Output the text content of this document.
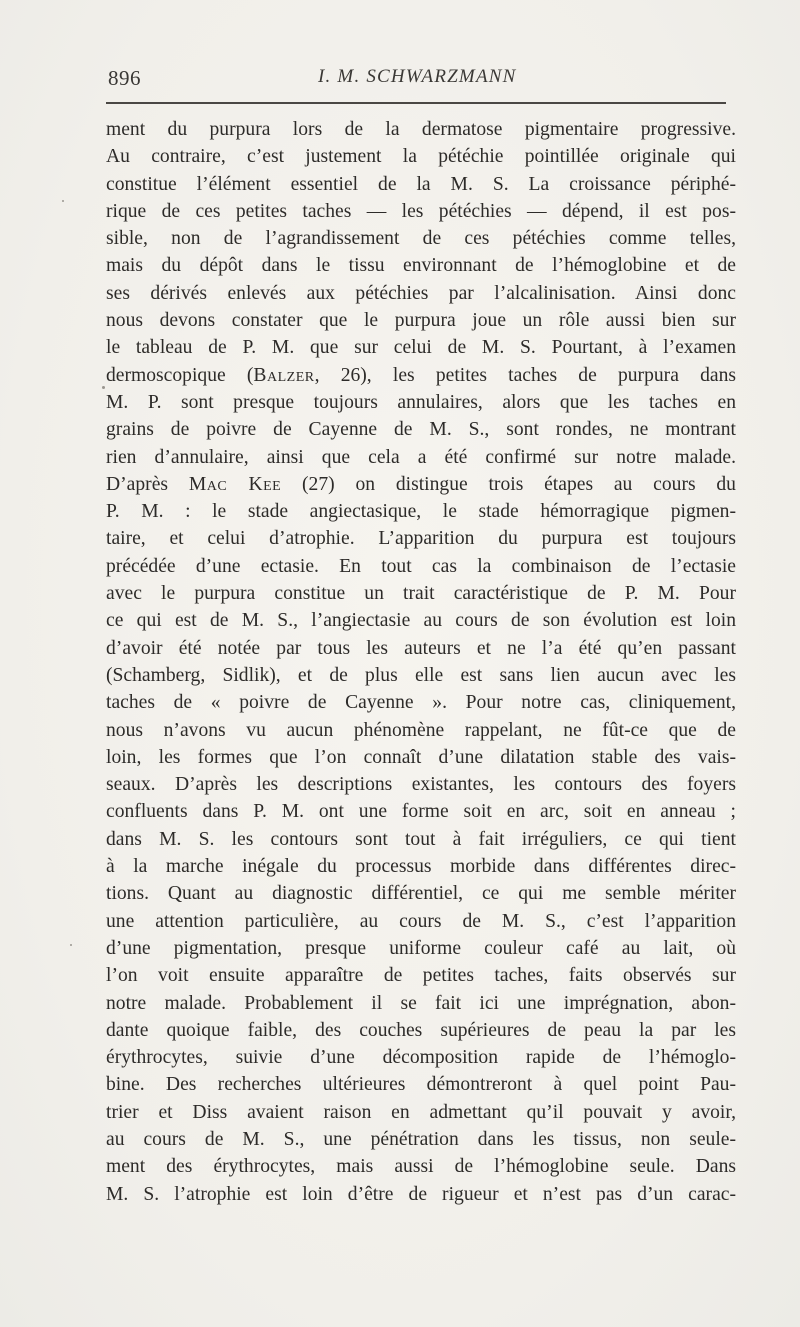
896	I. M. SCHWARZMANN
ment du purpura lors de la dermatose pigmentaire progressive.
Au contraire, c’est justement la pétéchie pointillée originale qui
constitue l’élément essentiel de la M. S. La croissance périphé-
rique de ces petites taches — les pétéchies — dépend, il est pos-
sible, non de l’agrandissement de ces pétéchies comme telles,
mais du dépôt dans le tissu environnant de l’hémoglobine et de
ses dérivés enlevés aux pétéchies par l’alcalinisation. Ainsi donc
nous devons constater que le purpura joue un rôle aussi bien sur
le tableau de P. M. que sur celui de M. S. Pourtant, à l’examen
dermoscopique (Balzer, 26), les petites taches de purpura dans
M. P. sont presque toujours annulaires, alors que les taches en
grains de poivre de Cayenne de M. S., sont rondes, ne montrant
rien d’annulaire, ainsi que cela a été confirmé sur notre malade.
D’après Mac Kee (27) on distingue trois étapes au cours du
P. M. : le stade angiectasique, le stade hémorragique pigmen-
taire, et celui d’atrophie. L’apparition du purpura est toujours
précédée d’une ectasie. En tout cas la combinaison de l’ectasie
avec le purpura constitue un trait caractéristique de P. M. Pour
ce qui est de M. S., l’angiectasie au cours de son évolution est loin
d’avoir été notée par tous les auteurs et ne l’a été qu’en passant
(Schamberg, Sidlik), et de plus elle est sans lien aucun avec les
taches de « poivre de Cayenne ». Pour notre cas, cliniquement,
nous n’avons vu aucun phénomène rappelant, ne fût-ce que de
loin, les formes que l’on connaît d’une dilatation stable des vais-
seaux. D’après les descriptions existantes, les contours des foyers
confluents dans P. M. ont une forme soit en arc, soit en anneau ;
dans M. S. les contours sont tout à fait irréguliers, ce qui tient
à la marche inégale du processus morbide dans différentes direc-
tions. Quant au diagnostic différentiel, ce qui me semble mériter
une attention particulière, au cours de M. S., c’est l’apparition
d’une pigmentation, presque uniforme couleur café au lait, où
l’on voit ensuite apparaître de petites taches, faits observés sur
notre malade. Probablement il se fait ici une imprégnation, abon-
dante quoique faible, des couches supérieures de peau la par les
érythrocytes, suivie d’une décomposition rapide de l’hémoglo-
bine. Des recherches ultérieures démontreront à quel point Pau-
trier et Diss avaient raison en admettant qu’il pouvait y avoir,
au cours de M. S., une pénétration dans les tissus, non seule-
ment des érythrocytes, mais aussi de l’hémoglobine seule. Dans
M. S. l’atrophie est loin d’être de rigueur et n’est pas d’un carac-
